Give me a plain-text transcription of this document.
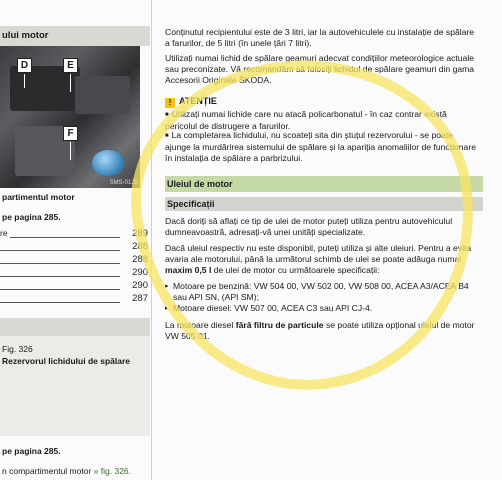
ului motor
D	E
F
SMS-0128
partimentul motor
pe pagina 285.
re	289
288
288
290
290
287
Fig. 326
Rezervorul lichidului de spălare
pe pagina 285.
n compartimentul motor » fig. 326.
Conținutul recipientului este de 3 litri, iar la autovehiculele cu instalație de spălare a farurilor, de 5 litri (în unele țări 7 litri).
Utilizați numai lichid de spălare geamuri adecvat condițiilor meteorologice actuale sau preconizate. Vă recomandăm să folosiți lichidul de spălare geamuri din gama Accesorii Originale ŠKODA.
! ATENȚIE
■ Utilizați numai lichide care nu atacă policarbonatul - în caz contrar există pericolul de distrugere a farurilor.
■ La completarea lichidului, nu scoateți sita din ștuțul rezervorului - se poate ajunge la murdărirea sistemului de spălare și la apariția anomaliilor de funcționare în instalația de spălare a parbrizului.
Uleiul de motor
Specificații
Dacă doriți să aflați ce tip de ulei de motor puteți utiliza pentru autovehiculul dumneavoastră, adresați-vă unei unități specializate.
Dacă uleiul respectiv nu este disponibil, puteți utiliza și alte uleiuri. Pentru a evita avaria ale motorului, până la următorul schimb de ulei se poate adăuga numai maxim 0,5 l de ulei de motor cu următoarele specificații:
▸ Motoare pe benzină: VW 504 00, VW 502 00, VW 508 00, ACEA A3/ACEA B4 sau API SN, (API SM);
▸ Motoare diesel: VW 507 00, ACEA C3 sau API CJ-4.
La motoare diesel fără filtru de particule se poate utiliza opțional uleiul de motor VW 505 01.
